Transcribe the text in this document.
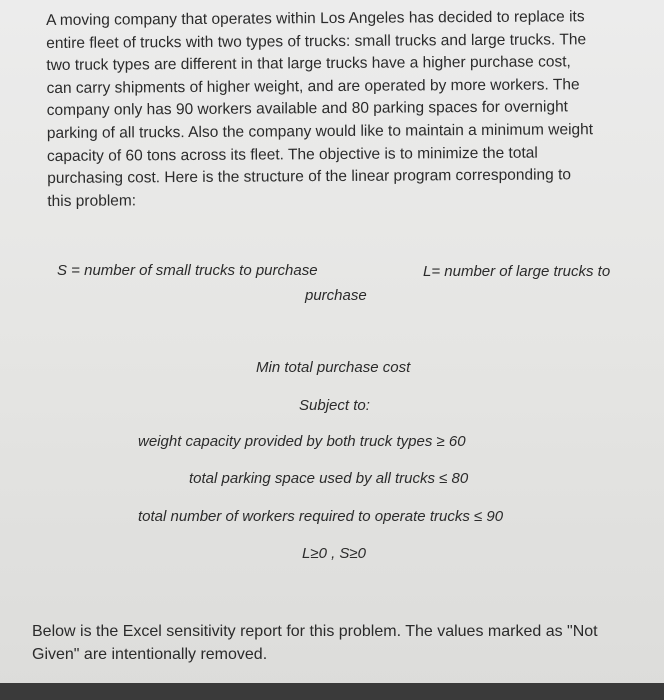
A moving company that operates within Los Angeles has decided to replace its
entire fleet of trucks with two types of trucks: small trucks and large trucks. The
two truck types are different in that large trucks have a higher purchase cost,
can carry shipments of higher weight, and are operated by more workers. The
company only has 90 workers available and 80 parking spaces for overnight
parking of all trucks. Also the company would like to maintain a minimum weight
capacity of 60 tons across its fleet. The objective is to minimize the total
purchasing cost. Here is the structure of the linear program corresponding to
this problem:
S = number of small trucks to purchase	L= number of large trucks to
purchase
Min total purchase cost
Subject to:
weight capacity provided by both truck types ≥ 60
total parking space used by all trucks ≤ 80
total number of workers required to operate trucks ≤ 90
L≥0 , S≥0
Below is the Excel sensitivity report for this problem. The values marked as "Not
Given" are intentionally removed.
